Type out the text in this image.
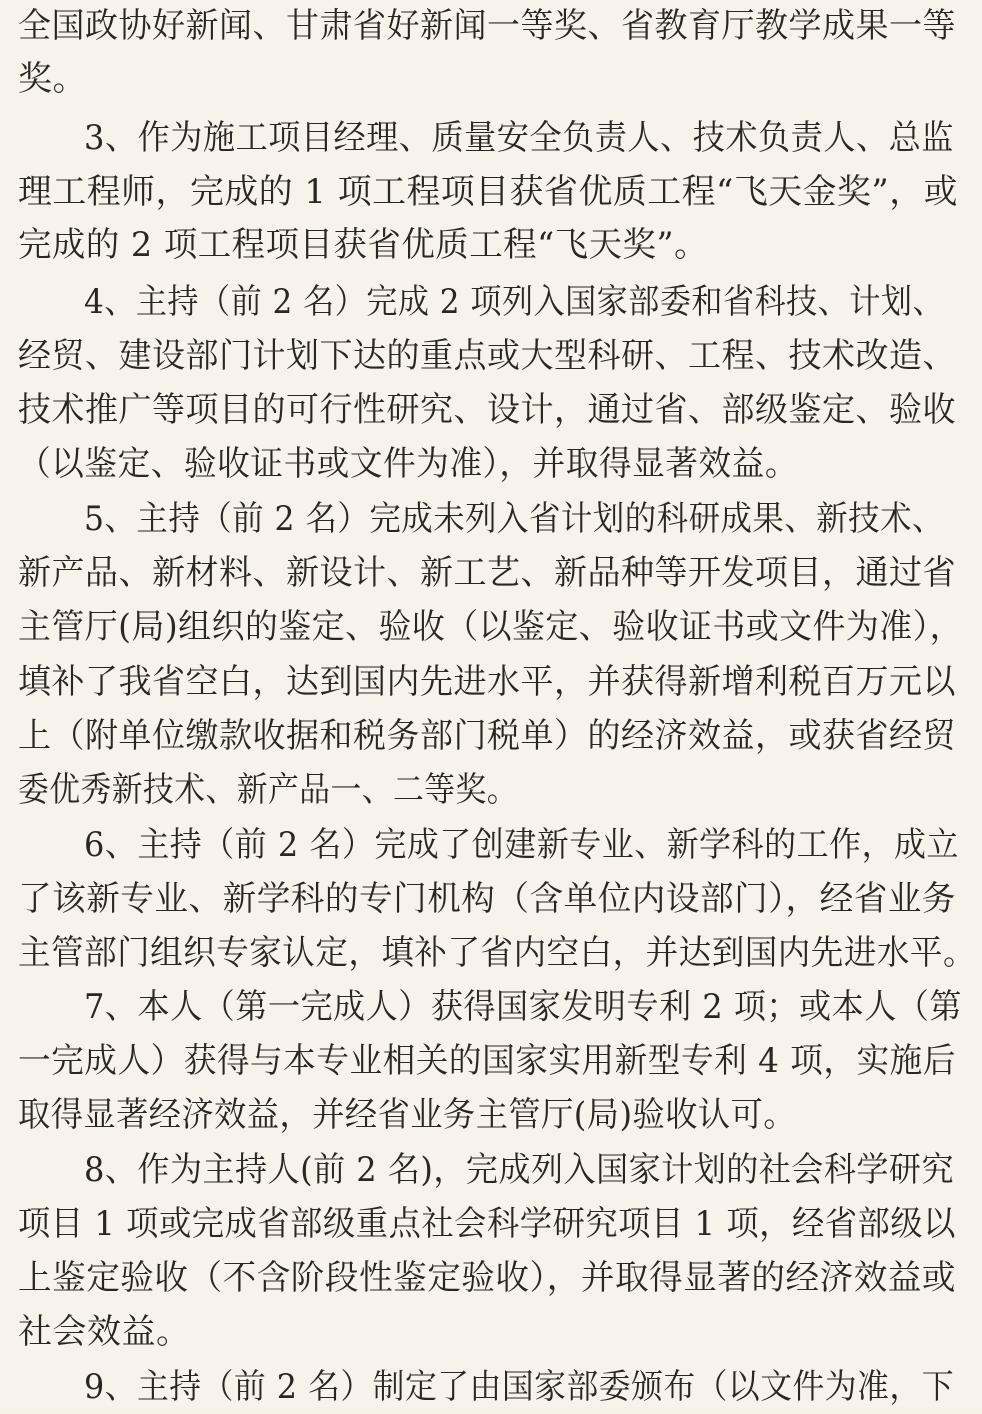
全国政协好新闻、甘肃省好新闻一等奖、省教育厅教学成果一等
奖。
3、作为施工项目经理、质量安全负责人、技术负责人、总监
理工程师，完成的 1 项工程项目获省优质工程“飞天金奖”，或
完成的 2 项工程项目获省优质工程“飞天奖”。
4、主持（前 2 名）完成 2 项列入国家部委和省科技、计划、
经贸、建设部门计划下达的重点或大型科研、工程、技术改造、
技术推广等项目的可行性研究、设计，通过省、部级鉴定、验收
（以鉴定、验收证书或文件为准），并取得显著效益。
5、主持（前 2 名）完成未列入省计划的科研成果、新技术、
新产品、新材料、新设计、新工艺、新品种等开发项目，通过省
主管厅(局)组织的鉴定、验收（以鉴定、验收证书或文件为准），
填补了我省空白，达到国内先进水平，并获得新增利税百万元以
上（附单位缴款收据和税务部门税单）的经济效益，或获省经贸
委优秀新技术、新产品一、二等奖。
6、主持（前 2 名）完成了创建新专业、新学科的工作，成立
了该新专业、新学科的专门机构（含单位内设部门），经省业务
主管部门组织专家认定，填补了省内空白，并达到国内先进水平。
7、本人（第一完成人）获得国家发明专利 2 项；或本人（第
一完成人）获得与本专业相关的国家实用新型专利 4 项，实施后
取得显著经济效益，并经省业务主管厅(局)验收认可。
8、作为主持人(前 2 名)，完成列入国家计划的社会科学研究
项目 1 项或完成省部级重点社会科学研究项目 1 项，经省部级以
上鉴定验收（不含阶段性鉴定验收），并取得显著的经济效益或
社会效益。
9、主持（前 2 名）制定了由国家部委颁布（以文件为准，下
